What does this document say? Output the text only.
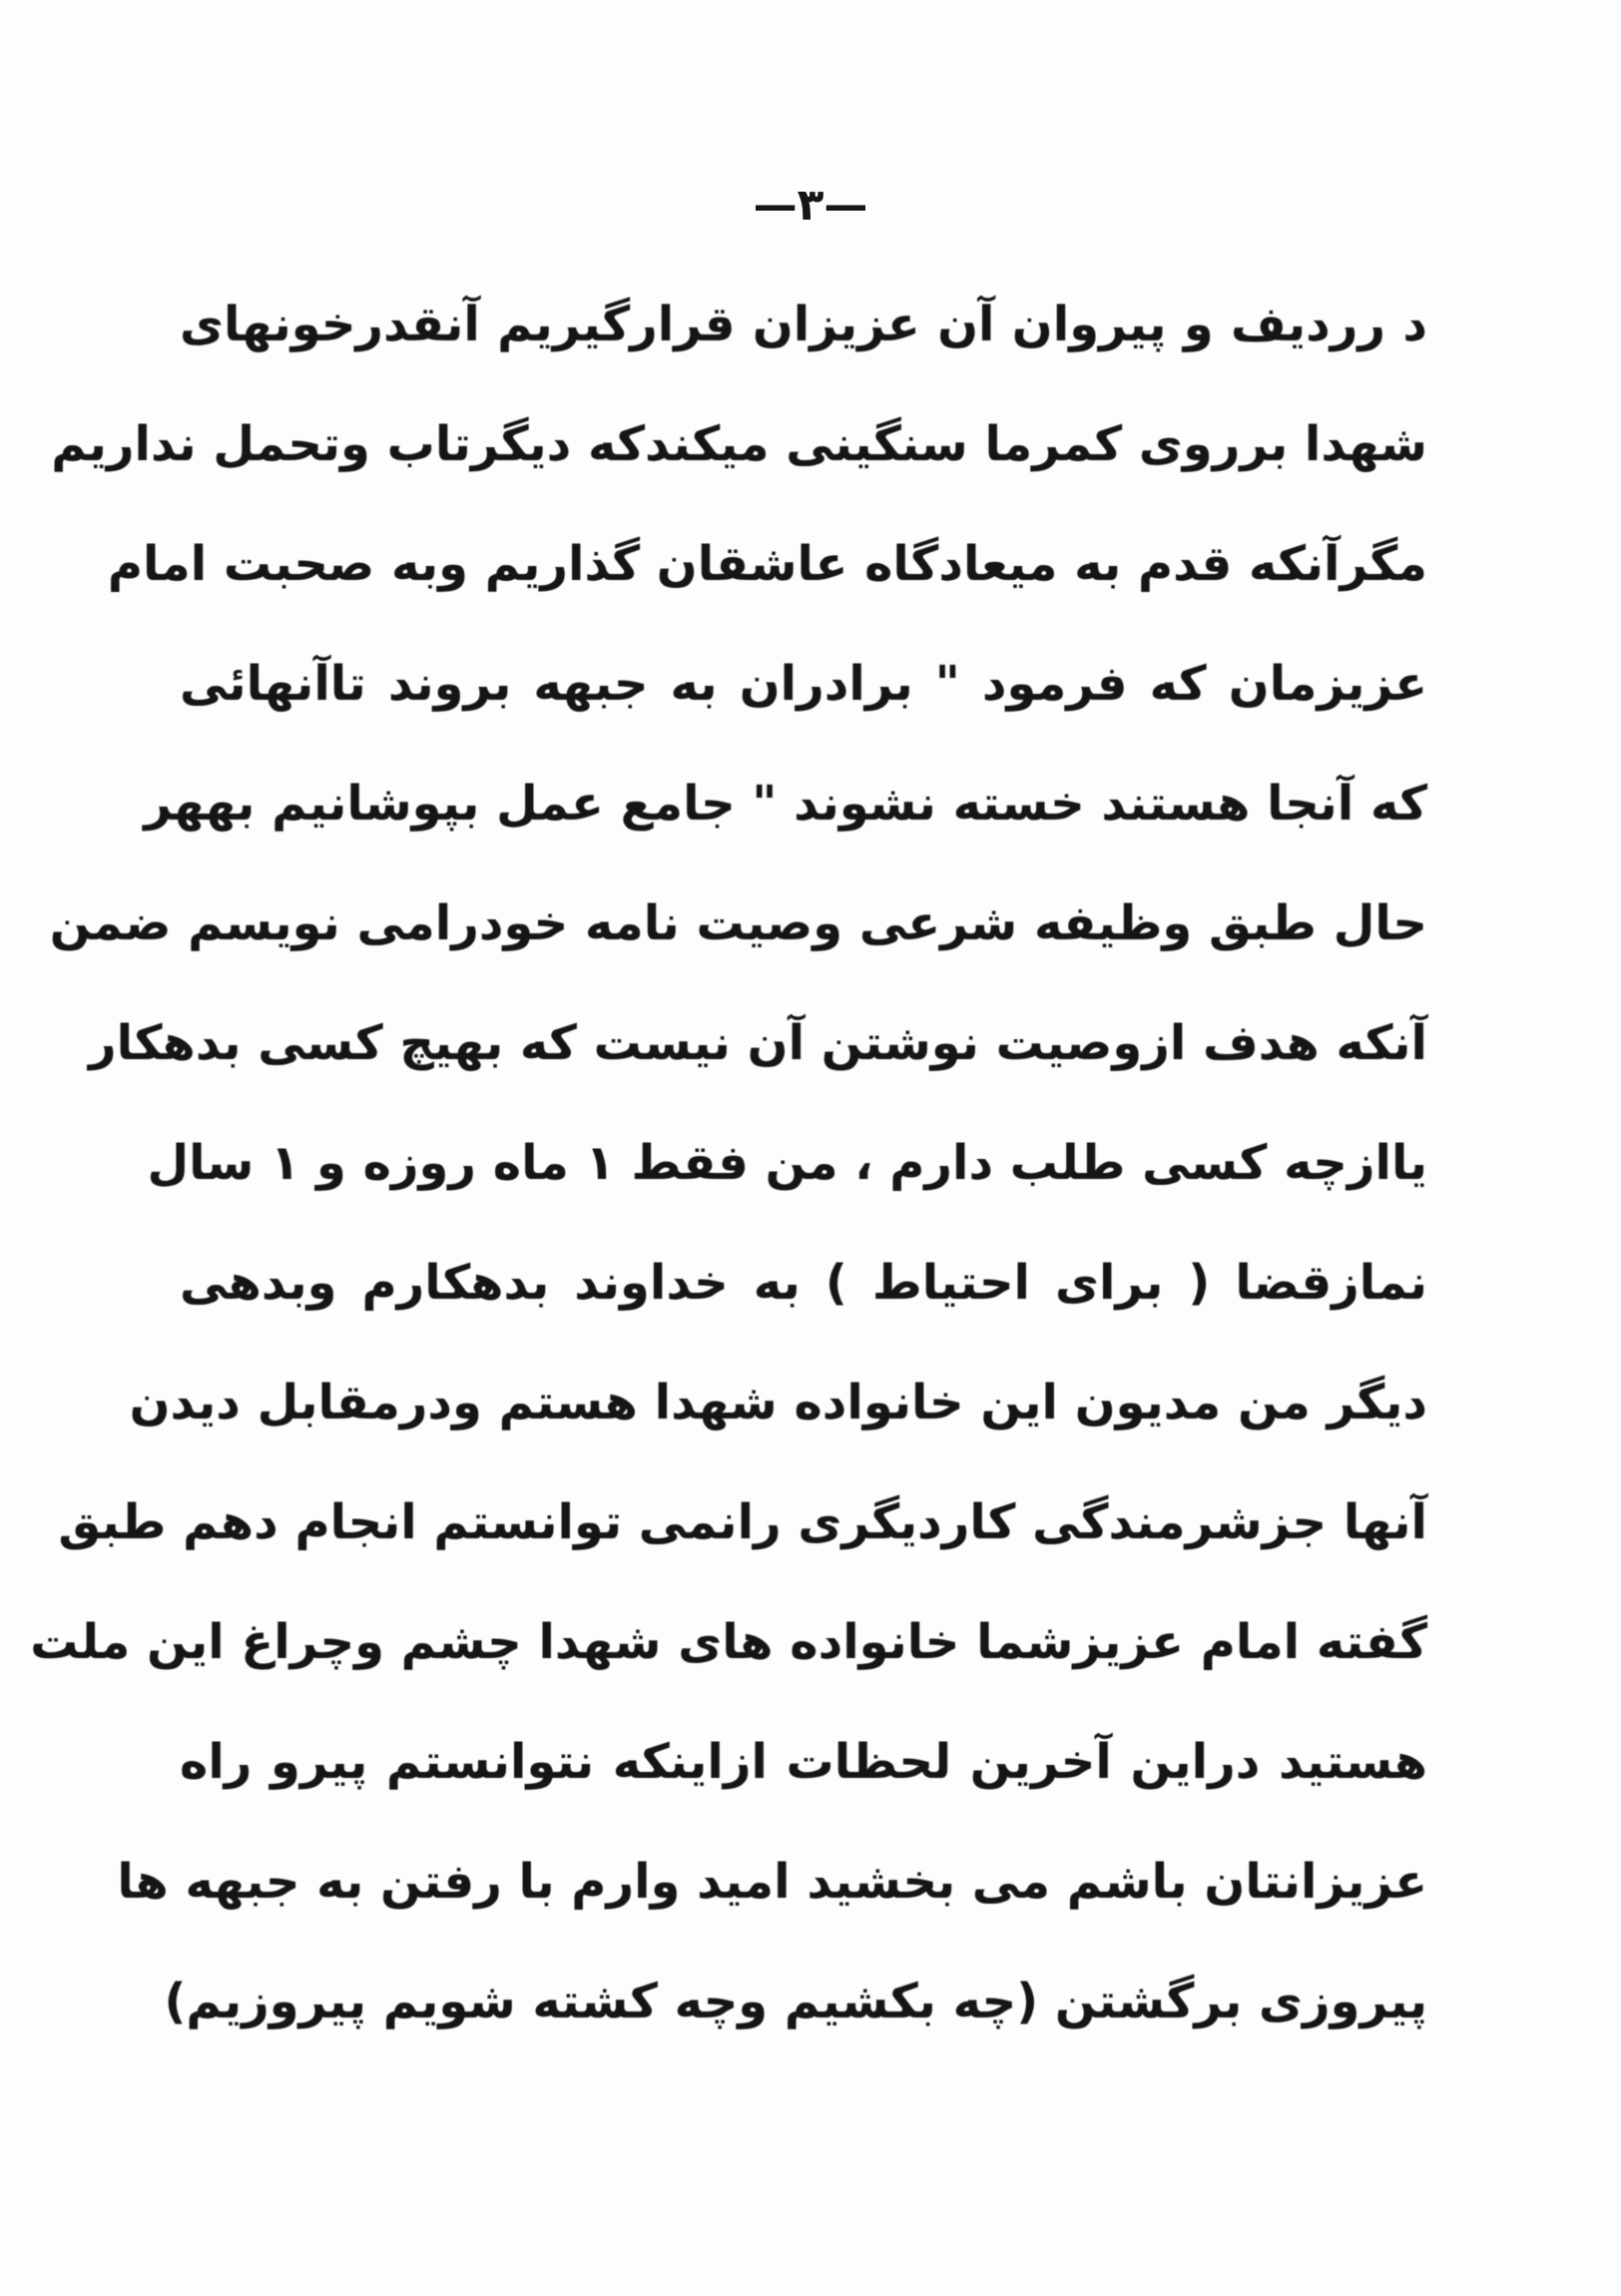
—۳—
د رردیف و پیروان آن عزیزان قرارگیریم آنقدرخونهای
شهدا برروی کمرما سنگینی میکندکه دیگرتاب وتحمل نداریم
مگرآنکه قدم به میعادگاه عاشقان گذاریم وبه صحبت امام
عزیزمان که فرمود " برادران به جبهه بروند تاآنهائی
که آنجا هستند خسته نشوند " جامع عمل بپوشانیم بههر
حال طبق وظیفه شرعی وصیت نامه خودرامی نویسم ضمن
آنکه هدف ازوصیت نوشتن آن نیست که بهیچ کسی بدهکار
یاازچه کسی طلب دارم ، من فقط ۱ ماه روزه و ۱ سال
نمازقضا ( برای احتیاط ) به خداوند بدهکارم وبدهی
دیگر من مدیون این خانواده شهدا هستم ودرمقابل دیدن
آنها جزشرمندگی کاردیگری رانمی توانستم انجام دهم طبق
گفته امام عزیزشما خانواده های شهدا چشم وچراغ این ملت
هستید دراین آخرین لحظات ازاینکه نتوانستم پیرو راه
عزیزانتان باشم می بخشید امید وارم با رفتن به جبهه ها
پیروزی برگشتن (چه بکشیم وچه کشته شویم پیروزیم)
